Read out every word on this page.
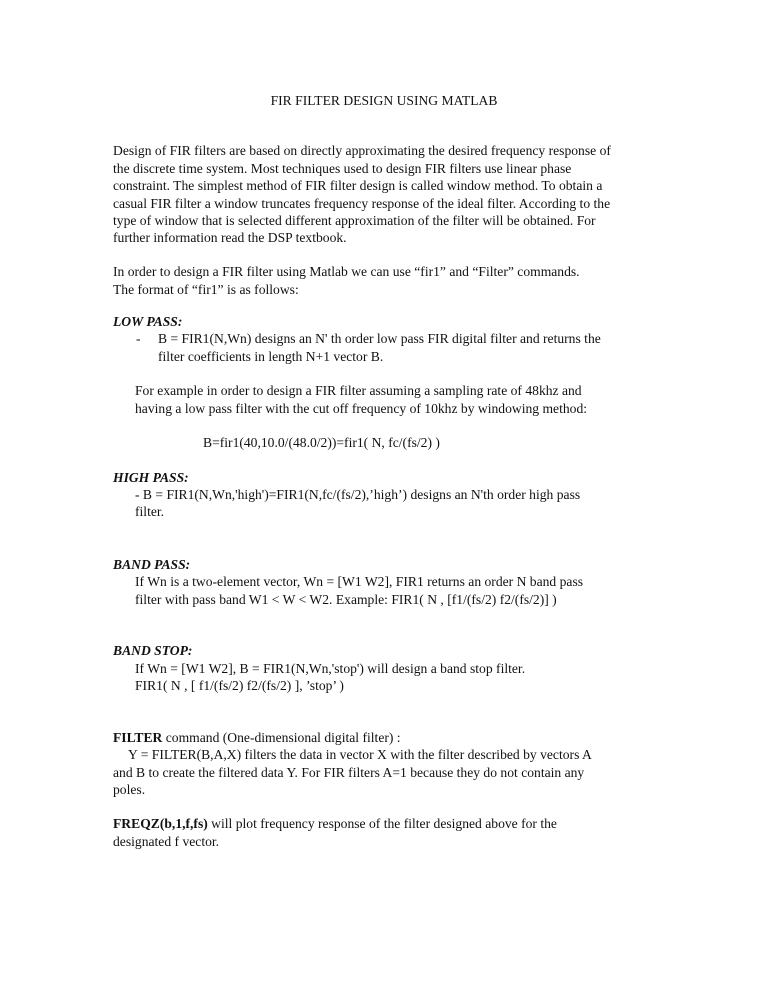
FIR FILTER DESIGN USING MATLAB
Design of FIR filters are based on directly approximating the desired frequency response of
the discrete time system. Most techniques used to design FIR filters use linear phase
constraint. The simplest method of FIR filter design is called window method. To obtain a
casual FIR filter a window truncates frequency response of the ideal filter. According to the
type of window that is selected different approximation of the filter will be obtained. For
further information read the DSP textbook.
In order to design a FIR filter using Matlab we can use “fir1” and “Filter” commands.
The format of “fir1” is as follows:
LOW PASS:
- B = FIR1(N,Wn) designs an N' th order low pass FIR digital filter and returns the
filter coefficients in length N+1 vector B.
For example in order to design a FIR filter assuming a sampling rate of 48khz and
having a low pass filter with the cut off frequency of 10khz by windowing method:
B=fir1(40,10.0/(48.0/2))=fir1( N, fc/(fs/2) )
HIGH PASS:
- B = FIR1(N,Wn,'high')=FIR1(N,fc/(fs/2),’high’) designs an N'th order high pass
filter.
BAND PASS:
If Wn is a two-element vector, Wn = [W1 W2], FIR1 returns an order N band pass
filter with pass band W1 < W < W2. Example: FIR1( N , [f1/(fs/2) f2/(fs/2)] )
BAND STOP:
If Wn = [W1 W2], B = FIR1(N,Wn,'stop') will design a band stop filter.
FIR1( N , [ f1/(fs/2) f2/(fs/2) ], ’stop’ )
FILTER command (One-dimensional digital filter) :
Y = FILTER(B,A,X) filters the data in vector X with the filter described by vectors A
and B to create the filtered data Y. For FIR filters A=1 because they do not contain any
poles.
FREQZ(b,1,f,fs) will plot frequency response of the filter designed above for the
designated f vector.
